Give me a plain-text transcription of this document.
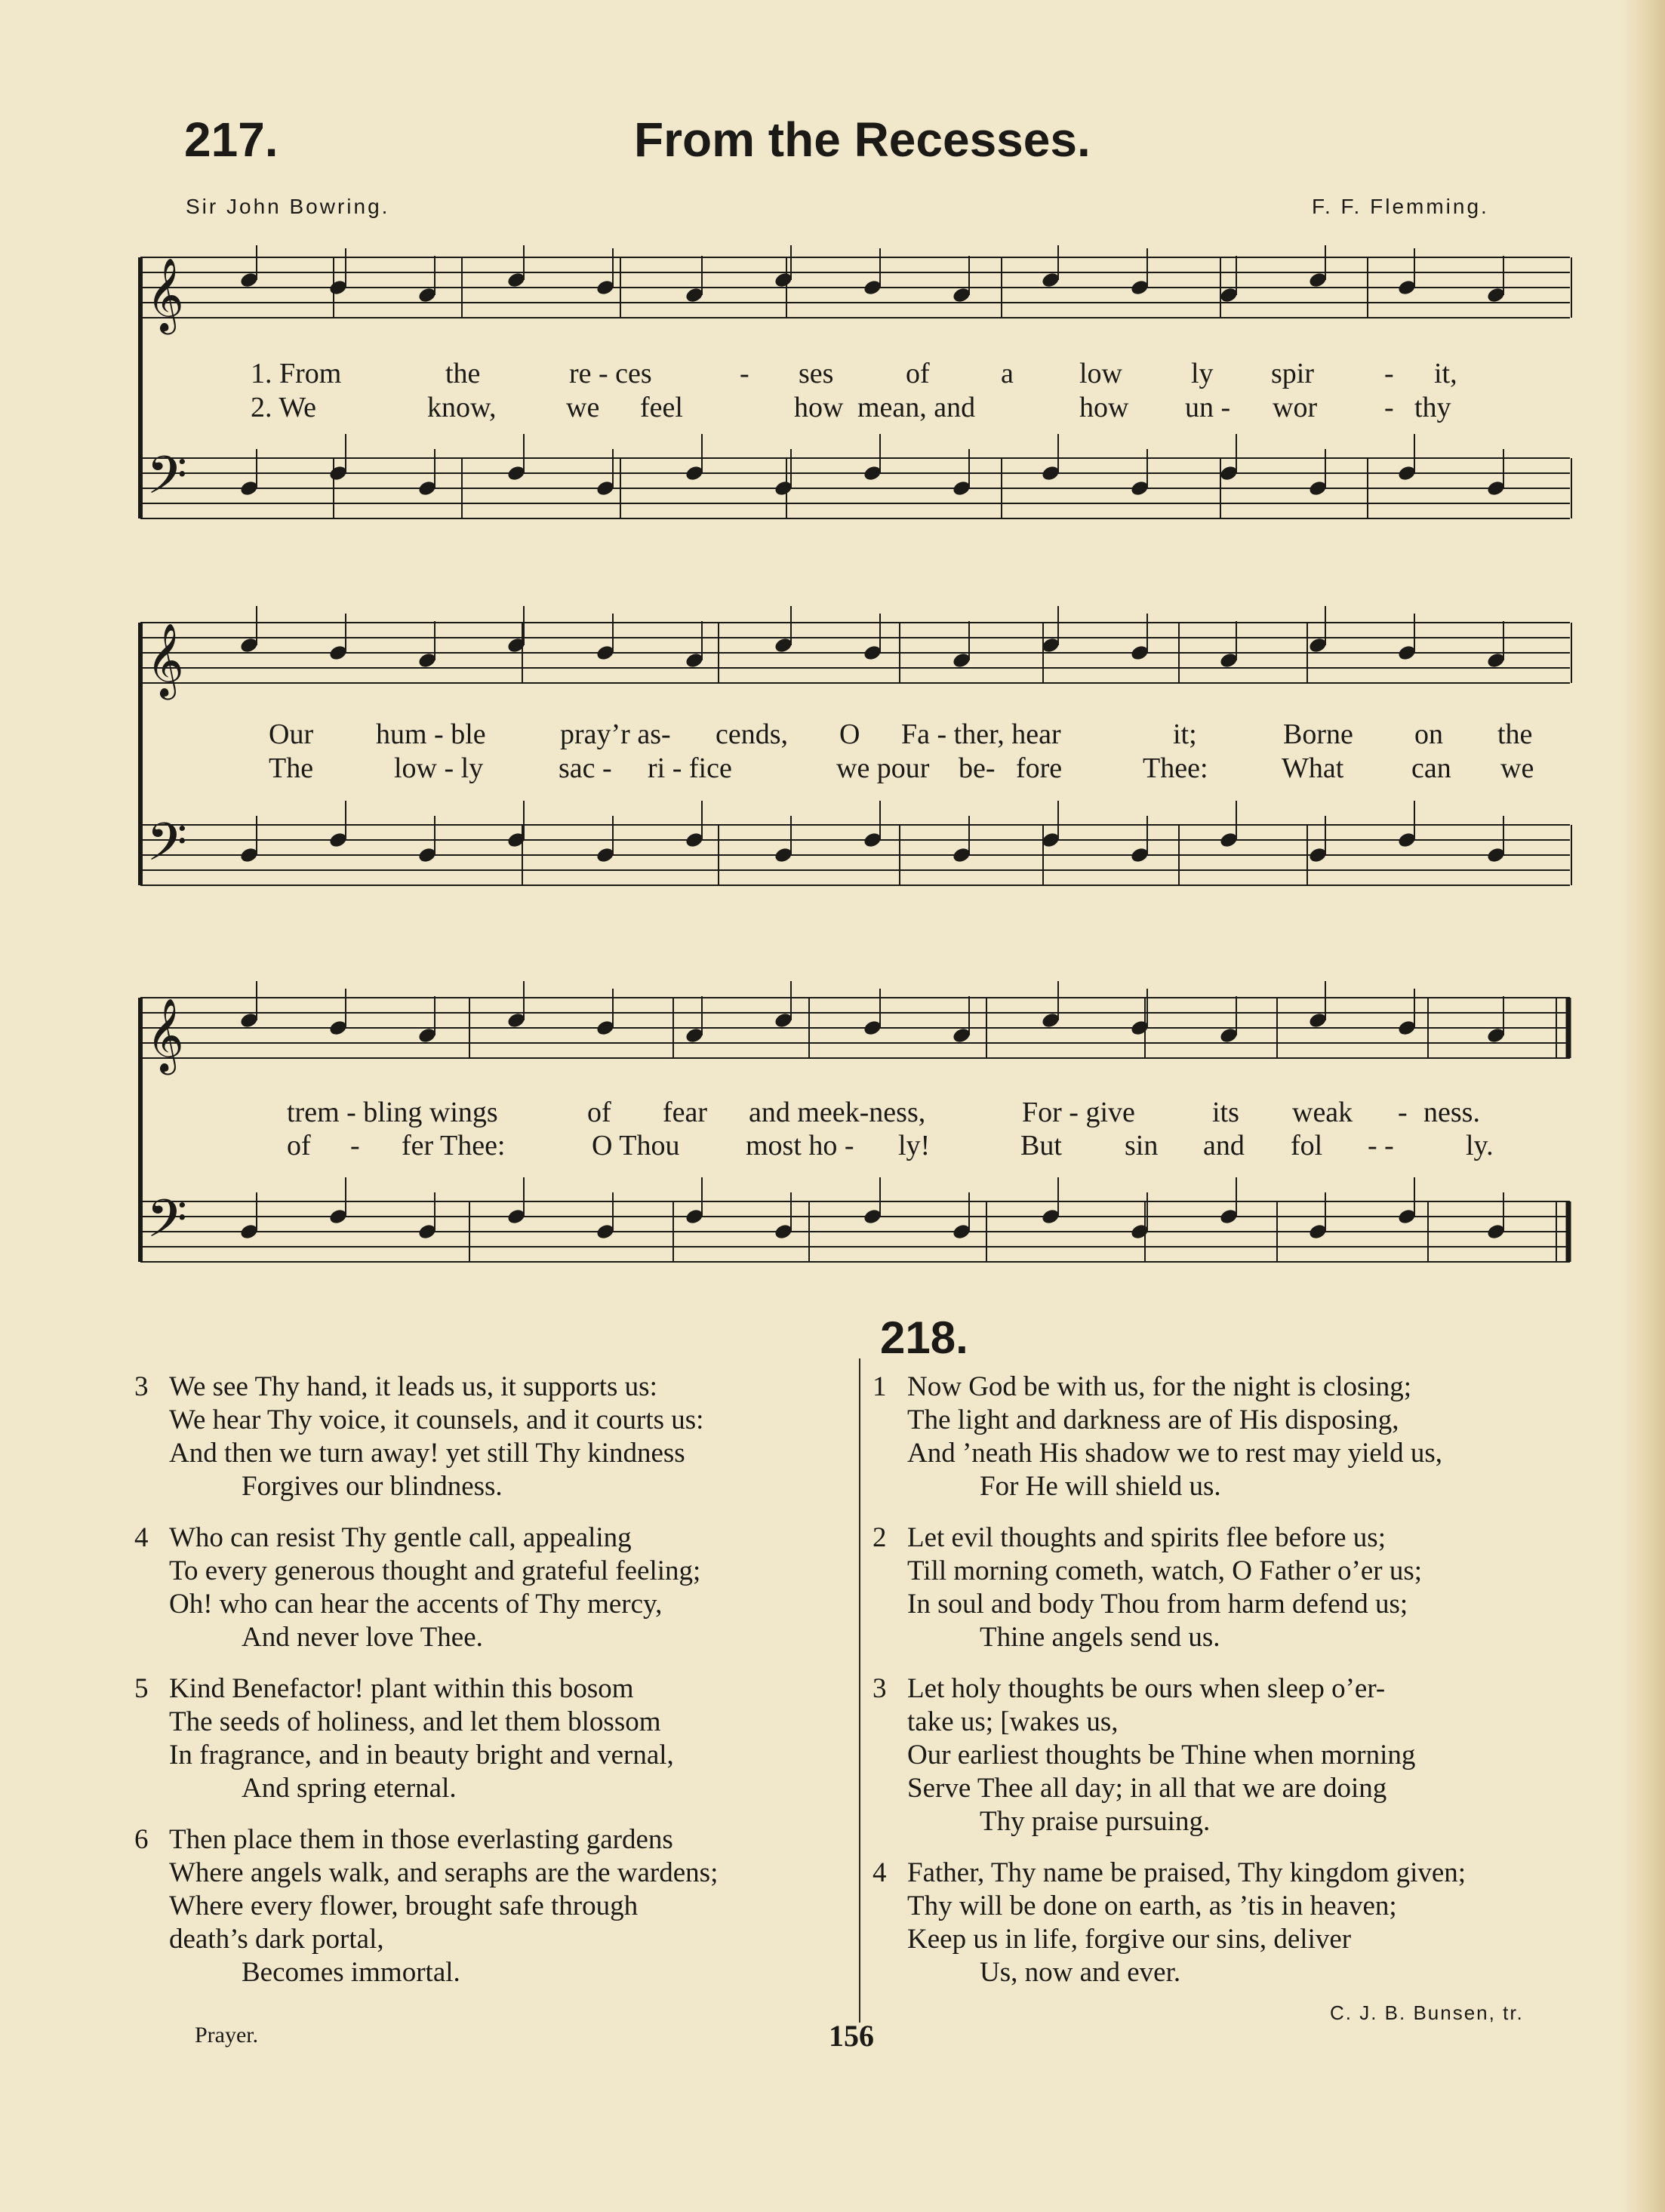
217.	From the Recesses.
Sir John Bowring.	F. F. Flemming.
𝄞
𝄢
1. From	the	re - ces	- ses	of a low ly spir - it,
2. We	know, we feel	how mean, and	how un - wor - thy
𝄞
𝄢
Our hum - ble	pray’r as- cends, O Fa - ther, hear	it;	Borne on the
The	low - ly	sac - ri - fice	we pour be- fore	Thee:	What can we
𝄞
𝄢
trem - bling wings	of fear and meek-ness,	For - give	its weak - ness.
of - fer Thee:	O Thou most ho - ly!	But sin and fol - -	ly.
218.
3 We see Thy hand, it leads us, it supports us:
We hear Thy voice, it counsels, and it courts us:
And then we turn away! yet still Thy kindness
Forgives our blindness.
4 Who can resist Thy gentle call, appealing
To every generous thought and grateful feeling;
Oh! who can hear the accents of Thy mercy,
And never love Thee.
5 Kind Benefactor! plant within this bosom
The seeds of holiness, and let them blossom
In fragrance, and in beauty bright and vernal,
And spring eternal.
6 Then place them in those everlasting gardens
Where angels walk, and seraphs are the wardens;
Where every flower, brought safe through
death’s dark portal,
Becomes immortal.
1 Now God be with us, for the night is closing;
The light and darkness are of His disposing,
And ’neath His shadow we to rest may yield us,
For He will shield us.
2 Let evil thoughts and spirits flee before us;
Till morning cometh, watch, O Father o’er us;
In soul and body Thou from harm defend us;
Thine angels send us.
3 Let holy thoughts be ours when sleep o’er-
take us; [wakes us,
Our earliest thoughts be Thine when morning
Serve Thee all day; in all that we are doing
Thy praise pursuing.
4 Father, Thy name be praised, Thy kingdom given;
Thy will be done on earth, as ’tis in heaven;
Keep us in life, forgive our sins, deliver
Us, now and ever.
C. J. B. Bunsen, tr.
Prayer.	156
